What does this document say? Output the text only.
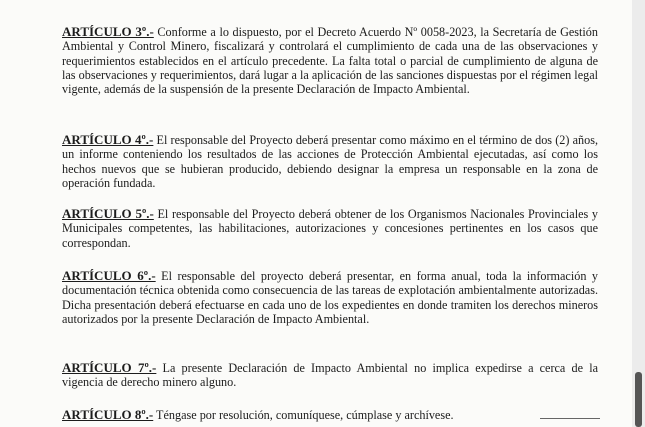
ARTÍCULO 3º.- Conforme a lo dispuesto, por el Decreto Acuerdo Nº 0058-2023, la Secretaría de Gestión Ambiental y Control Minero, fiscalizará y controlará el cumplimiento de cada una de las observaciones y requerimientos establecidos en el artículo precedente. La falta total o parcial de cumplimiento de alguna de las observaciones y requerimientos, dará lugar a la aplicación de las sanciones dispuestas por el régimen legal vigente, además de la suspensión de la presente Declaración de Impacto Ambiental.

ARTÍCULO 4º.- El responsable del Proyecto deberá presentar como máximo en el término de dos (2) años, un informe conteniendo los resultados de las acciones de Protección Ambiental ejecutadas, así como los hechos nuevos que se hubieran producido, debiendo designar la empresa un responsable en la zona de operación fundada.

ARTÍCULO 5º.- El responsable del Proyecto deberá obtener de los Organismos Nacionales Provinciales y Municipales competentes, las habilitaciones, autorizaciones y concesiones pertinentes en los casos que correspondan.

ARTÍCULO 6º.- El responsable del proyecto deberá presentar, en forma anual, toda la información y documentación técnica obtenida como consecuencia de las tareas de explotación ambientalmente autorizadas. Dicha presentación deberá efectuarse en cada uno de los expedientes en donde tramiten los derechos mineros autorizados por la presente Declaración de Impacto Ambiental.

ARTÍCULO 7º.- La presente Declaración de Impacto Ambiental no implica expedirse a cerca de la vigencia de derecho minero alguno.

ARTÍCULO 8º.- Téngase por resolución, comuníquese, cúmplase y archívese.
